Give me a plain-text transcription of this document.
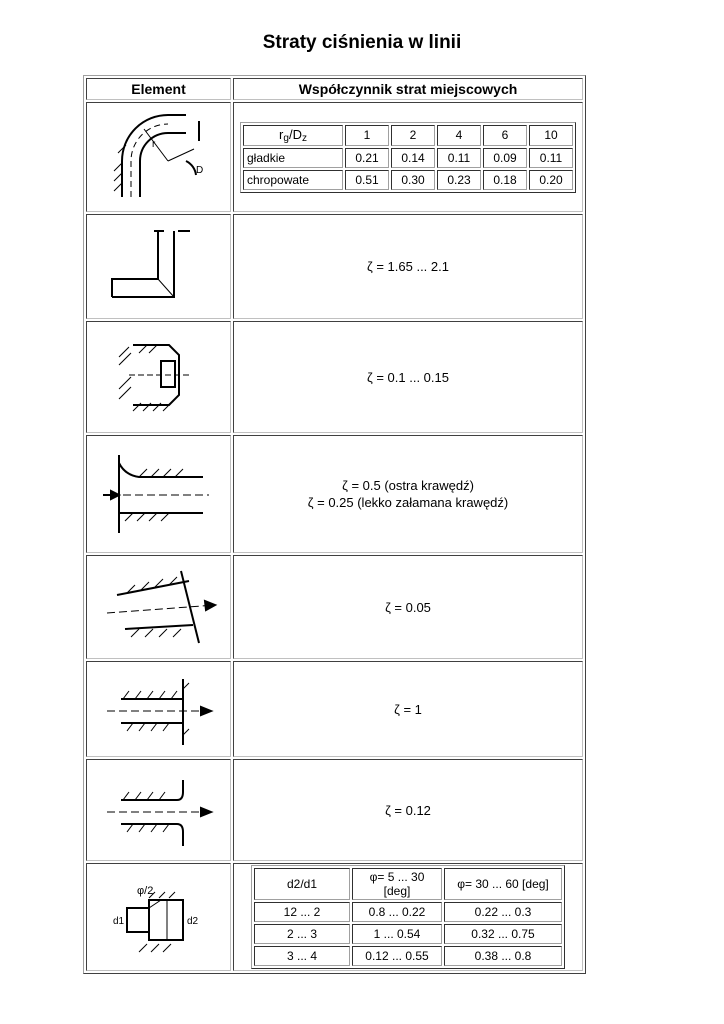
Straty ciśnienia w linii
Element	Współczynnik strat miejscowych

r
D

$r_g/D_z$	1	2	4	6	10
gładkie	0.21	0.14	0.11	0.09	0.11
chropowate	0.51	0.30	0.23	0.18	0.20

ζ = 1.65 ... 2.1

ζ = 0.1 ... 0.15

ζ = 0.5 (ostra krawędź)
ζ = 0.25 (lekko załamana krawędź)

ζ = 0.05

ζ = 1

ζ = 0.12

φ/2
d1	d2

d2/d1	φ= 5 ... 30 [deg]	φ= 30 ... 60 [deg]
12 ... 2	0.8 ... 0.22	0.22 ... 0.3
2 ... 3	1 ... 0.54	0.32 ... 0.75
3 ... 4	0.12 ... 0.55	0.38 ... 0.8
